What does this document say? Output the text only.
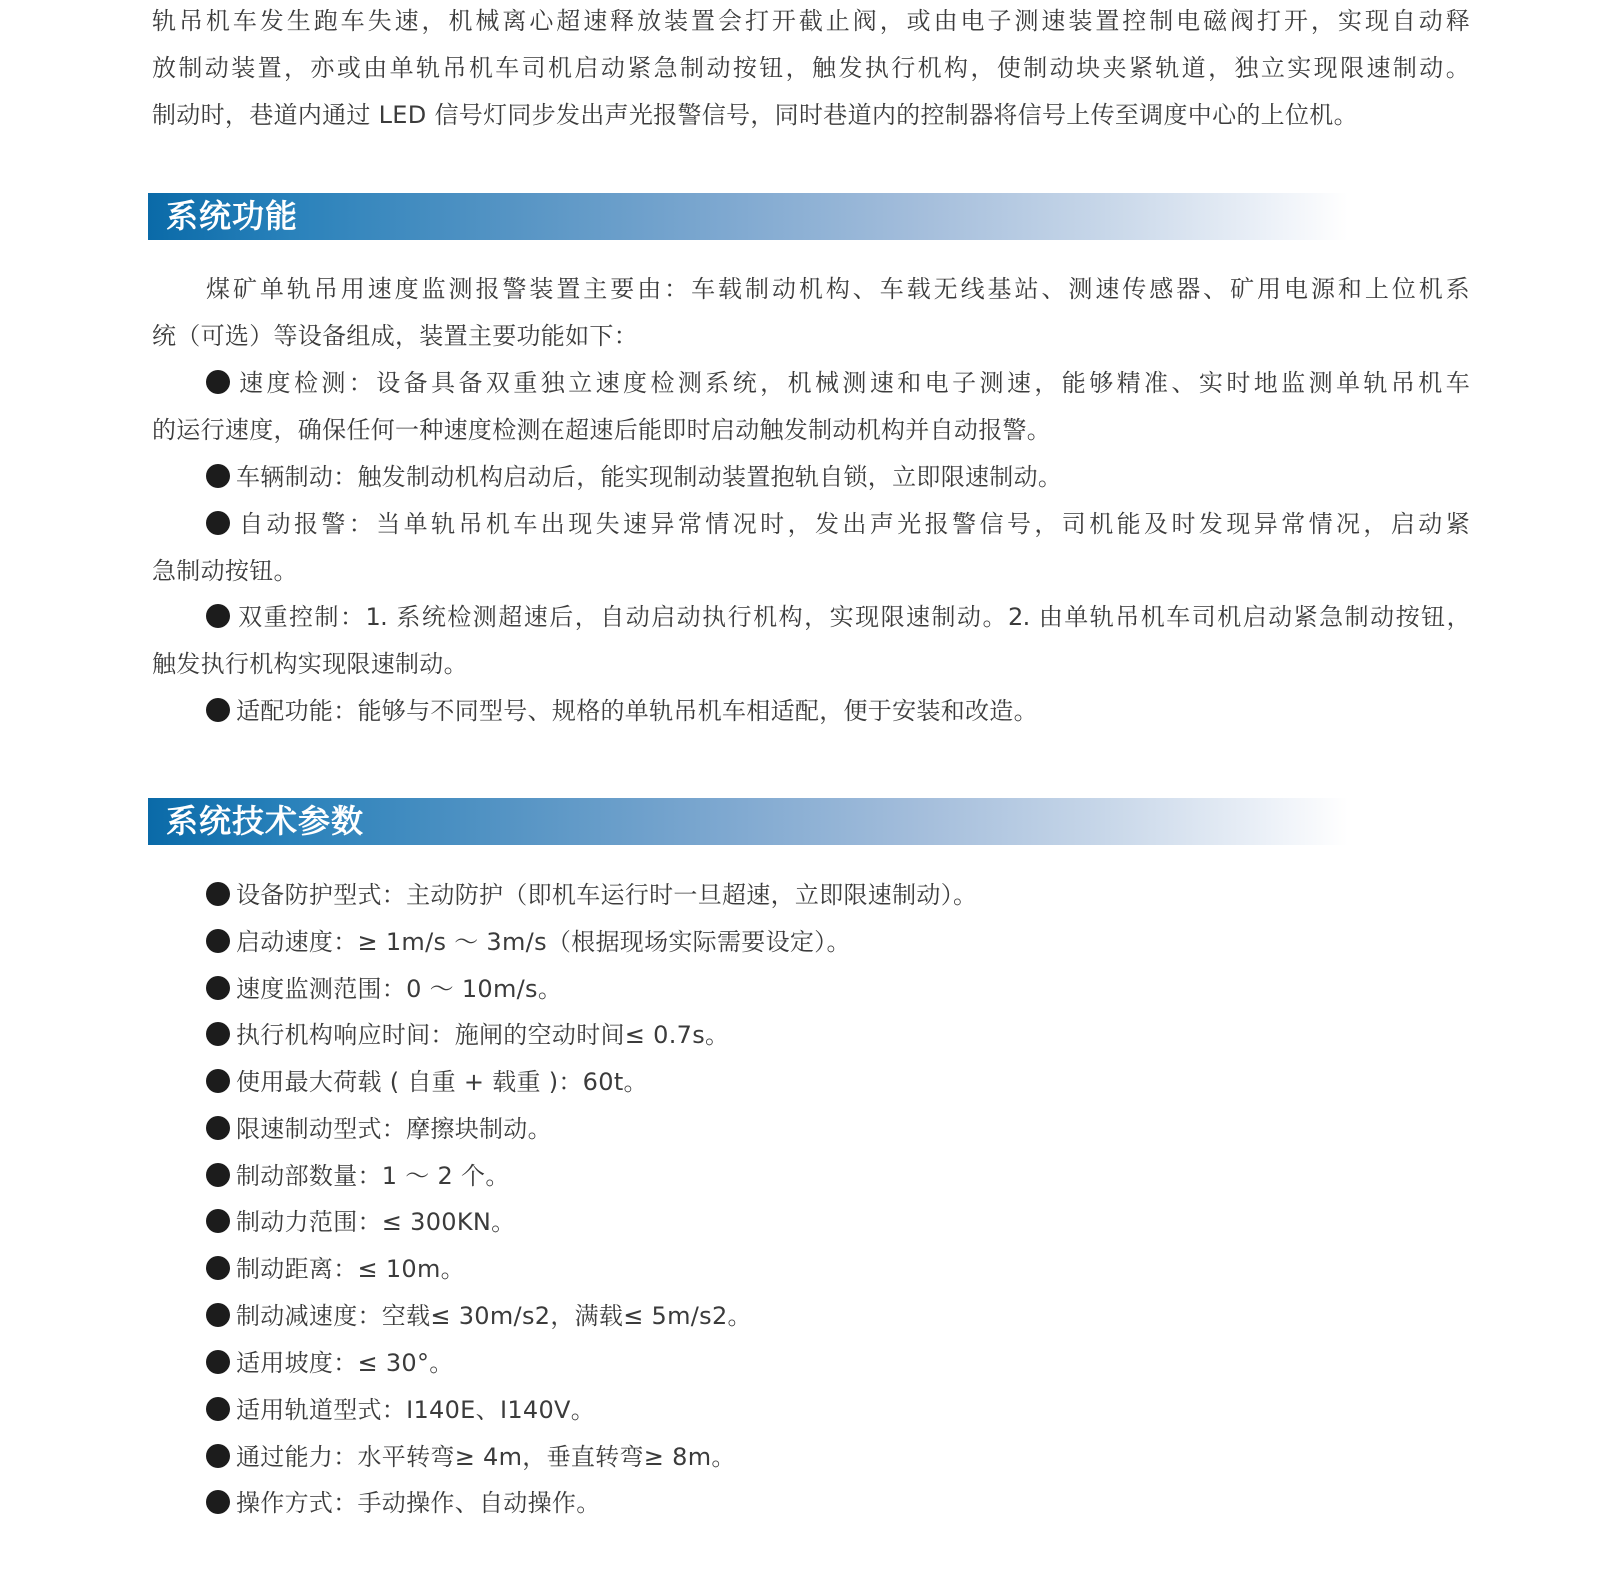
轨吊机车发生跑车失速，机械离心超速释放装置会打开截止阀，或由电子测速装置控制电磁阀打开，实现自动释
放制动装置，亦或由单轨吊机车司机启动紧急制动按钮，触发执行机构，使制动块夹紧轨道，独立实现限速制动。
制动时，巷道内通过 LED 信号灯同步发出声光报警信号，同时巷道内的控制器将信号上传至调度中心的上位机。
系统功能
煤矿单轨吊用速度监测报警装置主要由：车载制动机构、车载无线基站、测速传感器、矿用电源和上位机系
统（可选）等设备组成，装置主要功能如下：
速度检测：设备具备双重独立速度检测系统，机械测速和电子测速，能够精准、实时地监测单轨吊机车
的运行速度，确保任何一种速度检测在超速后能即时启动触发制动机构并自动报警。
车辆制动：触发制动机构启动后，能实现制动装置抱轨自锁，立即限速制动。
自动报警：当单轨吊机车出现失速异常情况时，发出声光报警信号，司机能及时发现异常情况，启动紧
急制动按钮。
双重控制：1. 系统检测超速后，自动启动执行机构，实现限速制动。2. 由单轨吊机车司机启动紧急制动按钮，
触发执行机构实现限速制动。
适配功能：能够与不同型号、规格的单轨吊机车相适配，便于安装和改造。
系统技术参数
设备防护型式：主动防护（即机车运行时一旦超速，立即限速制动）。
启动速度：≥ 1m/s ～ 3m/s（根据现场实际需要设定）。
速度监测范围：0 ～ 10m/s。
执行机构响应时间：施闸的空动时间≤ 0.7s。
使用最大荷载 ( 自重 + 载重 )：60t。
限速制动型式：摩擦块制动。
制动部数量：1 ～ 2 个。
制动力范围：≤ 300KN。
制动距离：≤ 10m。
制动减速度：空载≤ 30m/s2，满载≤ 5m/s2。
适用坡度：≤ 30°。
适用轨道型式：I140E、I140V。
通过能力：水平转弯≥ 4m，垂直转弯≥ 8m。
操作方式：手动操作、自动操作。
